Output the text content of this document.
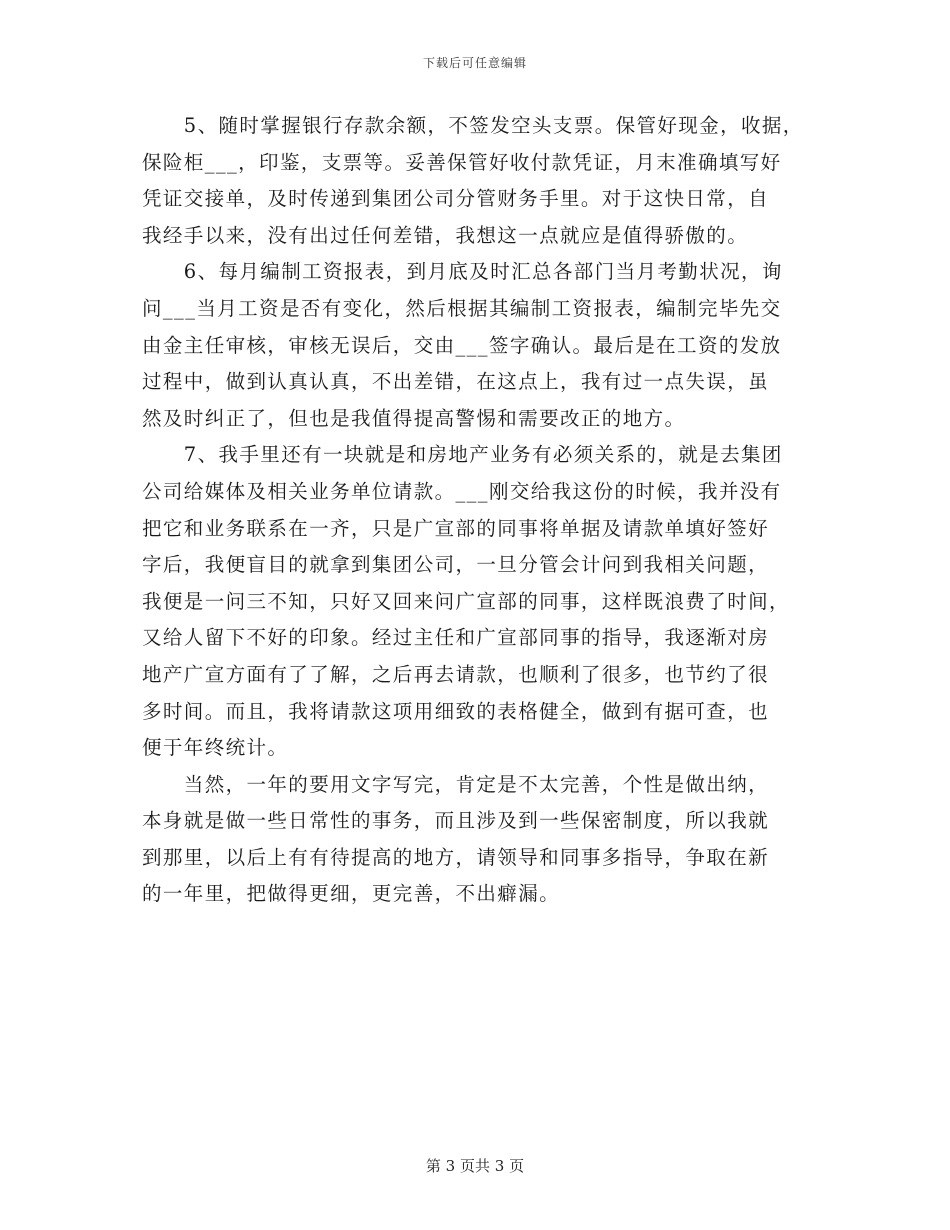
下载后可任意编辑
　　5、随时掌握银行存款余额，不签发空头支票。保管好现金，收据，
保险柜___，印鉴，支票等。妥善保管好收付款凭证，月末准确填写好
凭证交接单，及时传递到集团公司分管财务手里。对于这快日常，自
我经手以来，没有出过任何差错，我想这一点就应是值得骄傲的。
　　6、每月编制工资报表，到月底及时汇总各部门当月考勤状况，询
问___当月工资是否有变化，然后根据其编制工资报表，编制完毕先交
由金主任审核，审核无误后，交由___签字确认。最后是在工资的发放
过程中，做到认真认真，不出差错，在这点上，我有过一点失误，虽
然及时纠正了，但也是我值得提高警惕和需要改正的地方。
　　7、我手里还有一块就是和房地产业务有必须关系的，就是去集团
公司给媒体及相关业务单位请款。___刚交给我这份的时候，我并没有
把它和业务联系在一齐，只是广宣部的同事将单据及请款单填好签好
字后，我便盲目的就拿到集团公司，一旦分管会计问到我相关问题，
我便是一问三不知，只好又回来问广宣部的同事，这样既浪费了时间，
又给人留下不好的印象。经过主任和广宣部同事的指导，我逐渐对房
地产广宣方面有了了解，之后再去请款，也顺利了很多，也节约了很
多时间。而且，我将请款这项用细致的表格健全，做到有据可查，也
便于年终统计。
　　当然，一年的要用文字写完，肯定是不太完善，个性是做出纳，
本身就是做一些日常性的事务，而且涉及到一些保密制度，所以我就
到那里，以后上有有待提高的地方，请领导和同事多指导，争取在新
的一年里，把做得更细，更完善，不出癖漏。
第 3 页共 3 页
